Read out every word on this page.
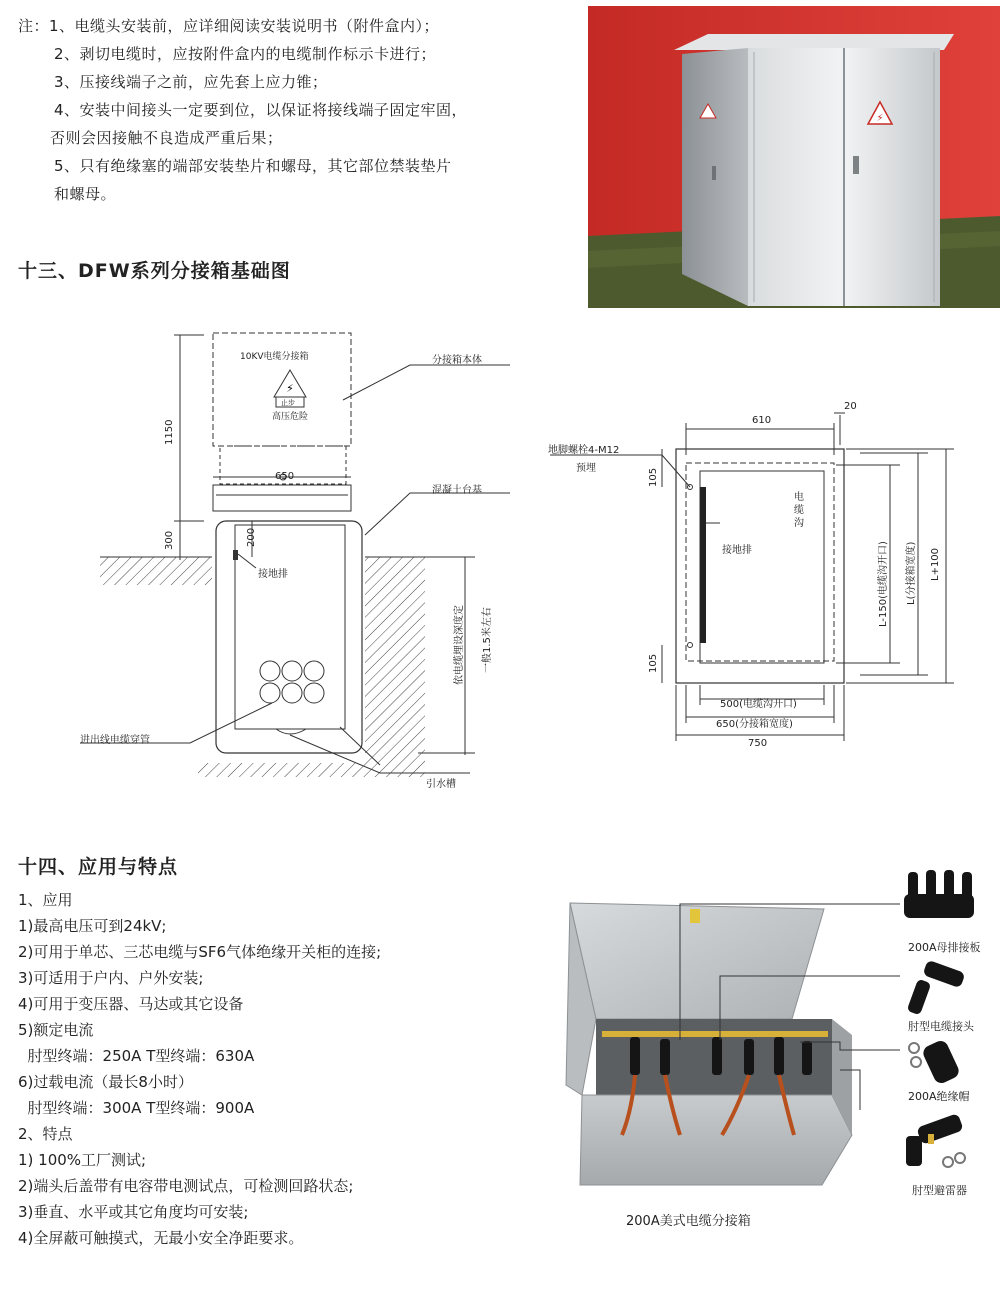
注：1、电缆头安装前，应详细阅读安装说明书（附件盒内）；
2、剥切电缆时，应按附件盒内的电缆制作标示卡进行；
3、压接线端子之前，应先套上应力锥；
4、安装中间接头一定要到位，以保证将接线端子固定牢固，
否则会因接触不良造成严重后果；
5、只有绝缘塞的端部安装垫片和螺母，其它部位禁装垫片
和螺母。
⚡
十三、DFW系列分接箱基础图
⚡
10KV电缆分接箱
止步
高压危险
分接箱本体
混凝土台基
接地排
进出线电缆穿管
引水槽
1150
300
650
200
依电缆埋设深度定	一般1.5米左右
610
20
地脚螺栓4-M12
预埋	105
105
接地排
电缆沟
L-150(电缆沟开口)	L(分接箱宽度) L+100
500(电缆沟开口)
650(分接箱宽度)
750
十四、应用与特点
1、应用
1)最高电压可到24kV;
2)可用于单芯、三芯电缆与SF6气体绝缘开关柜的连接;
3)可适用于户内、户外安装;
4)可用于变压器、马达或其它设备
5)额定电流
肘型终端：250A T型终端：630A
6)过载电流（最长8小时）
肘型终端：300A T型终端：900A
2、特点
1) 100%工厂测试;
2)端头后盖带有电容带电测试点，可检测回路状态;
3)垂直、水平或其它角度均可安装;
4)全屏蔽可触摸式，无最小安全净距要求。
200A美式电缆分接箱
200A母排接板
肘型电缆接头
200A绝缘帽
肘型避雷器
